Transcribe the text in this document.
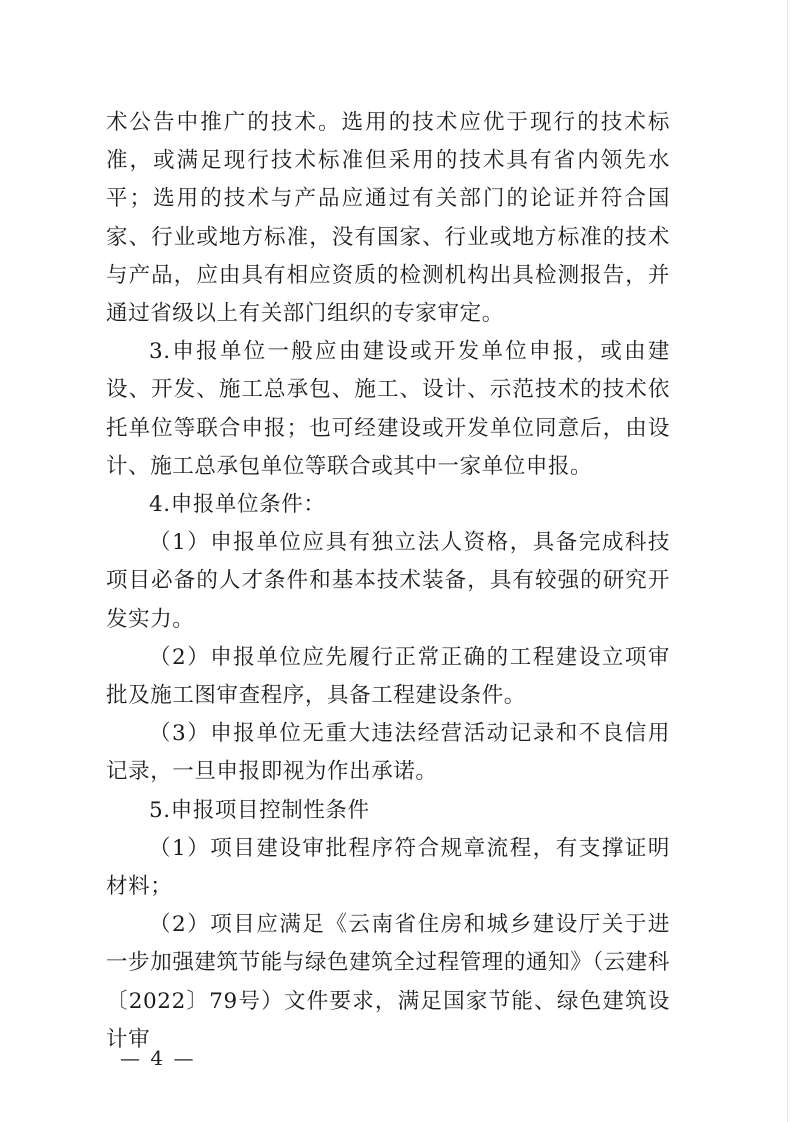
术公告中推广的技术。选用的技术应优于现行的技术标准，或满足现行技术标准但采用的技术具有省内领先水平；选用的技术与产品应通过有关部门的论证并符合国家、行业或地方标准，没有国家、行业或地方标准的技术与产品，应由具有相应资质的检测机构出具检测报告，并通过省级以上有关部门组织的专家审定。

3.申报单位一般应由建设或开发单位申报，或由建设、开发、施工总承包、施工、设计、示范技术的技术依托单位等联合申报；也可经建设或开发单位同意后，由设计、施工总承包单位等联合或其中一家单位申报。

4.申报单位条件：

（1）申报单位应具有独立法人资格，具备完成科技项目必备的人才条件和基本技术装备，具有较强的研究开发实力。

（2）申报单位应先履行正常正确的工程建设立项审批及施工图审查程序，具备工程建设条件。

（3）申报单位无重大违法经营活动记录和不良信用记录，一旦申报即视为作出承诺。

5.申报项目控制性条件

（1）项目建设审批程序符合规章流程，有支撑证明材料；

（2）项目应满足《云南省住房和城乡建设厅关于进一步加强建筑节能与绿色建筑全过程管理的通知》（云建科〔2022〕79号）文件要求，满足国家节能、绿色建筑设计审

— 4 —
